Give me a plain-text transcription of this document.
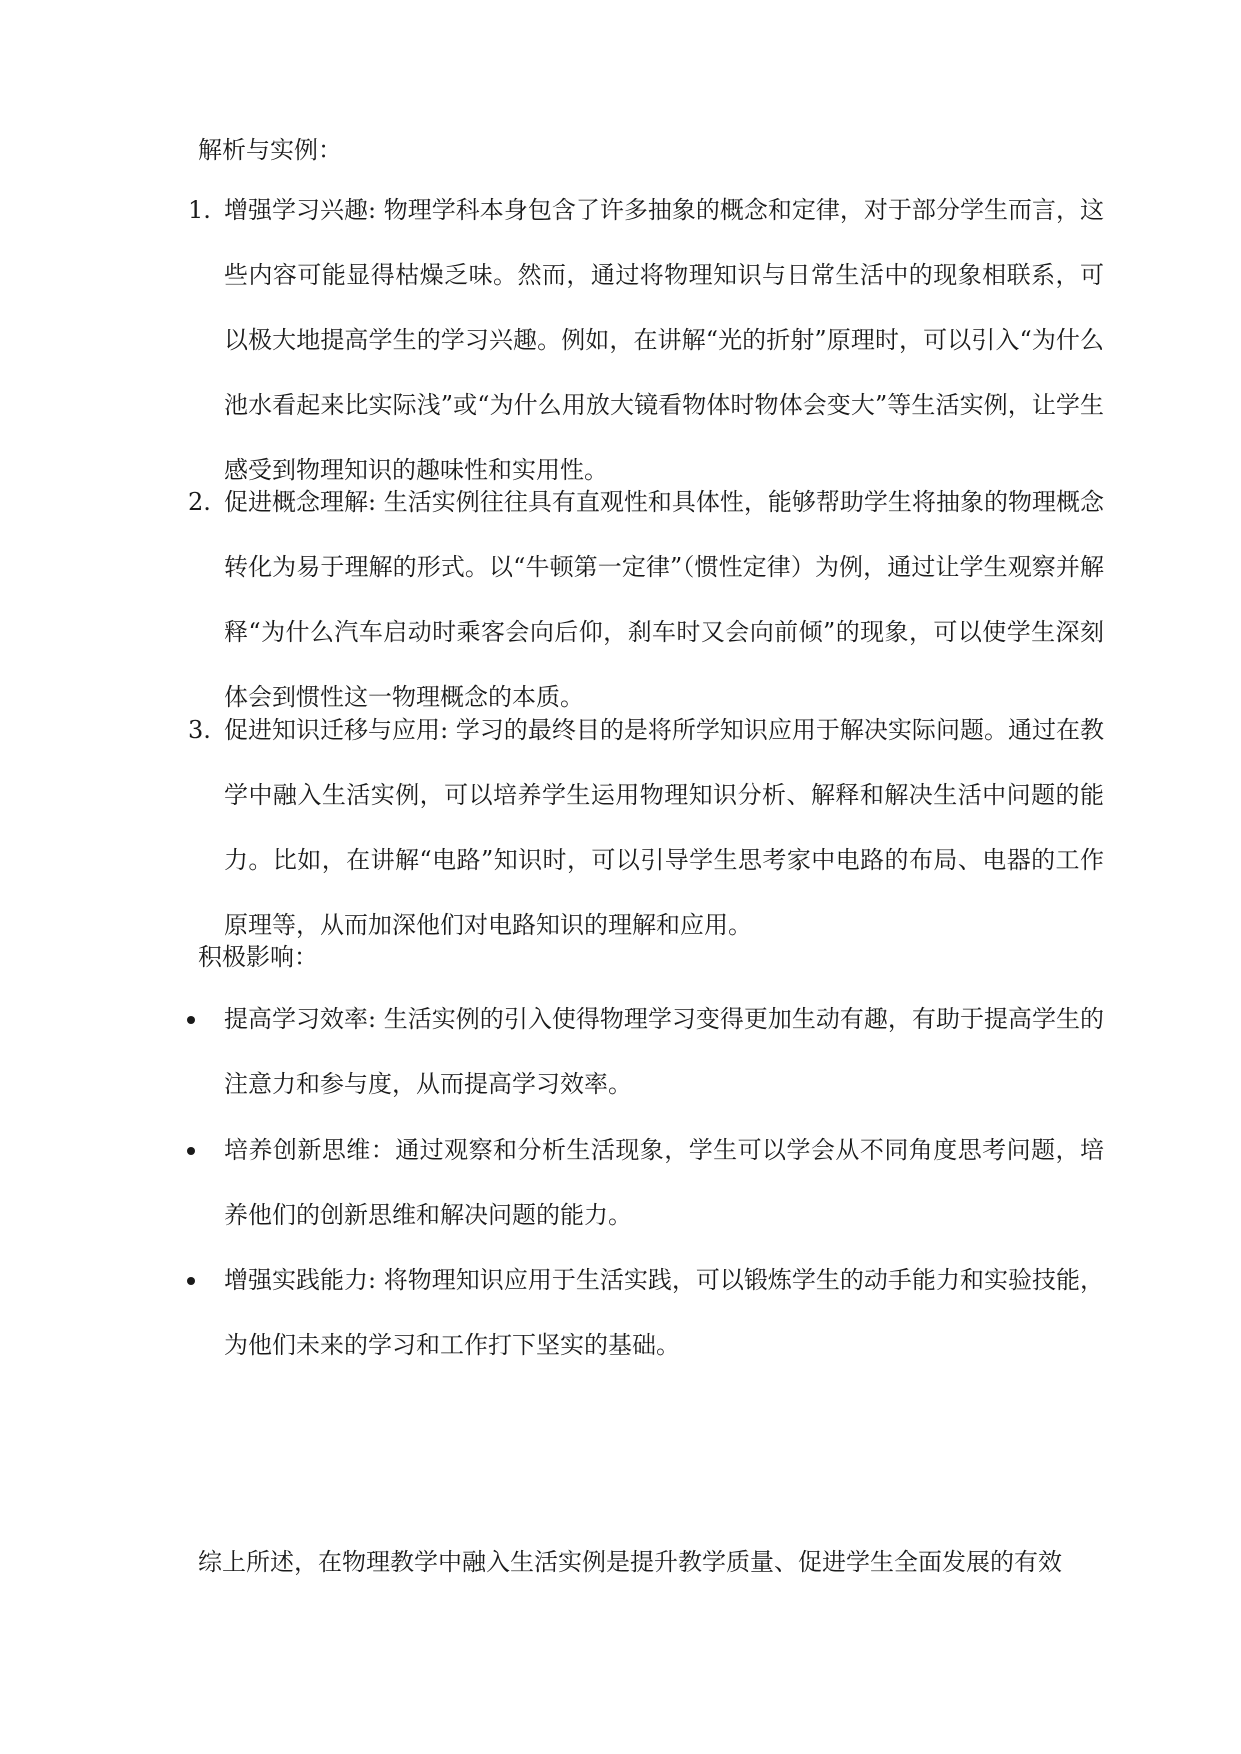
解析与实例：
1. 增强学习兴趣: 物理学科本身包含了许多抽象的概念和定律，对于部分学生而言，这些内容可能显得枯燥乏味。然而，通过将物理知识与日常生活中的现象相联系，可以极大地提高学生的学习兴趣。例如，在讲解“光的折射”原理时，可以引入“为什么池水看起来比实际浅”或“为什么用放大镜看物体时物体会变大”等生活实例，让学生感受到物理知识的趣味性和实用性。
2. 促进概念理解: 生活实例往往具有直观性和具体性，能够帮助学生将抽象的物理概念转化为易于理解的形式。以“牛顿第一定律”（惯性定律）为例，通过让学生观察并解释“为什么汽车启动时乘客会向后仰，刹车时又会向前倾”的现象，可以使学生深刻体会到惯性这一物理概念的本质。
3. 促进知识迁移与应用: 学习的最终目的是将所学知识应用于解决实际问题。通过在教学中融入生活实例，可以培养学生运用物理知识分析、解释和解决生活中问题的能力。比如，在讲解“电路”知识时，可以引导学生思考家中电路的布局、电器的工作原理等，从而加深他们对电路知识的理解和应用。
积极影响：
提高学习效率: 生活实例的引入使得物理学习变得更加生动有趣，有助于提高学生的注意力和参与度，从而提高学习效率。
培养创新思维：通过观察和分析生活现象，学生可以学会从不同角度思考问题，培养他们的创新思维和解决问题的能力。
增强实践能力: 将物理知识应用于生活实践，可以锻炼学生的动手能力和实验技能，为他们未来的学习和工作打下坚实的基础。
综上所述，在物理教学中融入生活实例是提升教学质量、促进学生全面发展的有效
